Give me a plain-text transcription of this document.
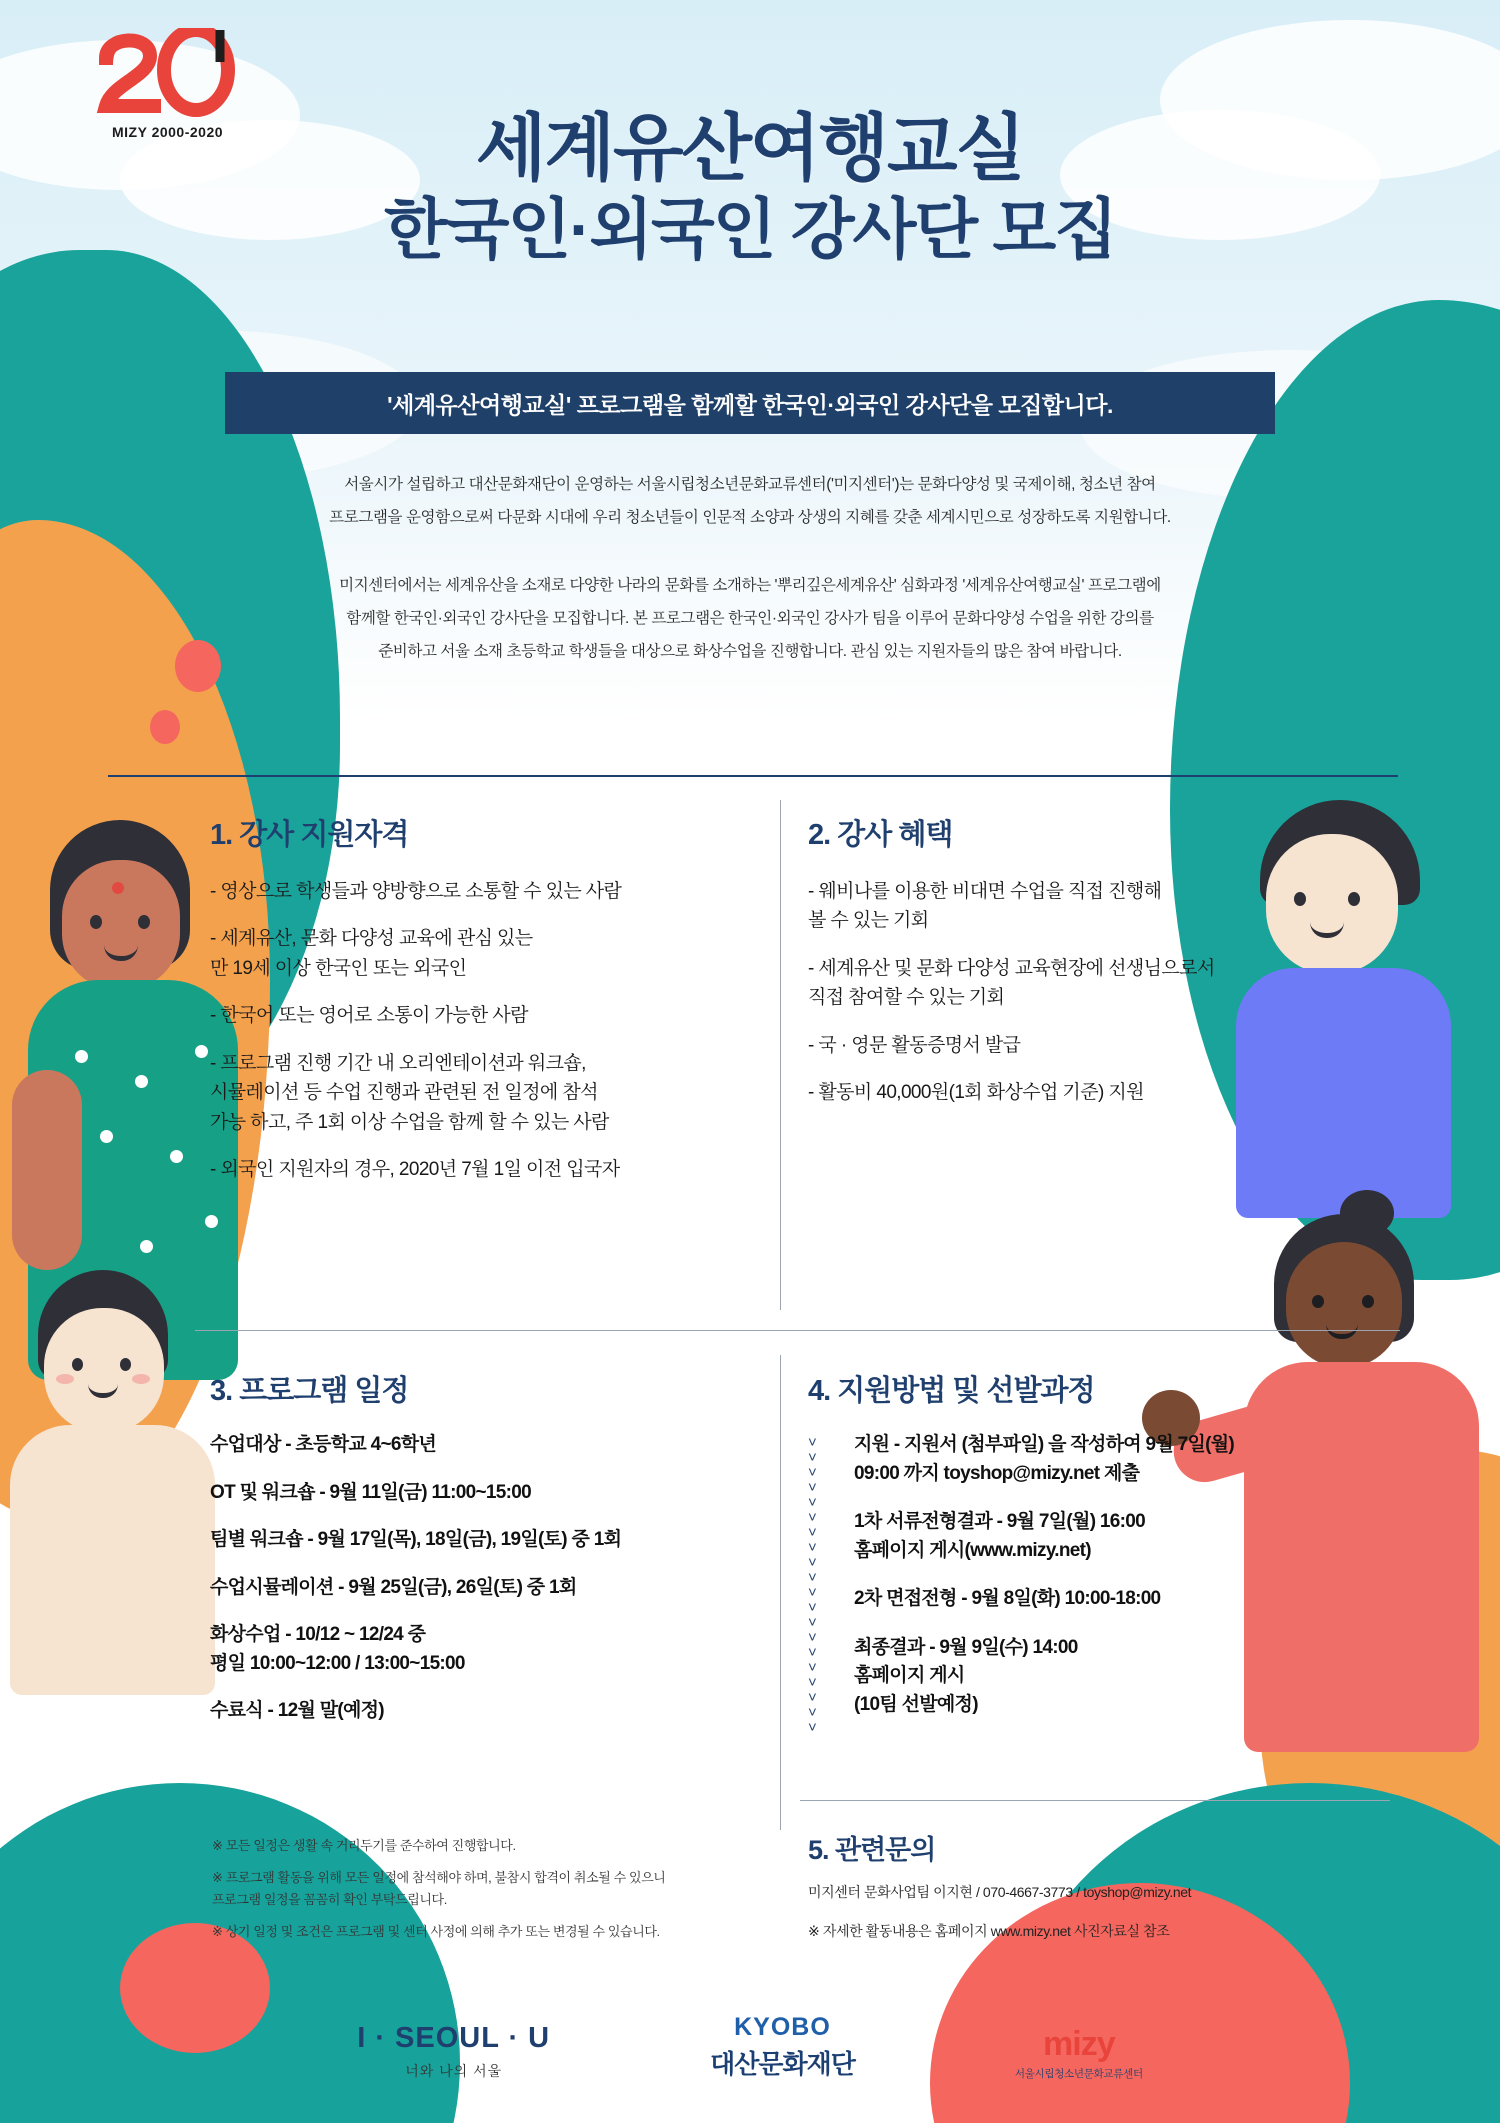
MIZY 2000-2020	세계유산여행교실
한국인·외국인 강사단 모집
'세계유산여행교실' 프로그램을 함께할 한국인·외국인 강사단을 모집합니다.

서울시가 설립하고 대산문화재단이 운영하는 서울시립청소년문화교류센터('미지센터')는 문화다양성 및 국제이해, 청소년 참여

프로그램을 운영함으로써 다문화 시대에 우리 청소년들이 인문적 소양과 상생의 지혜를 갖춘 세계시민으로 성장하도록 지원합니다.

미지센터에서는 세계유산을 소재로 다양한 나라의 문화를 소개하는 '뿌리깊은세계유산' 심화과정 '세계유산여행교실' 프로그램에

함께할 한국인·외국인 강사단을 모집합니다. 본 프로그램은 한국인·외국인 강사가 팀을 이루어 문화다양성 수업을 위한 강의를

준비하고 서울 소재 초등학교 학생들을 대상으로 화상수업을 진행합니다. 관심 있는 지원자들의 많은 참여 바랍니다.

1. 강사 지원자격
- 영상으로 학생들과 양방향으로 소통할 수 있는 사람
- 세계유산, 문화 다양성 교육에 관심 있는
만 19세 이상 한국인 또는 외국인
- 한국어 또는 영어로 소통이 가능한 사람
- 프로그램 진행 기간 내 오리엔테이션과 워크숍,
시뮬레이션 등 수업 진행과 관련된 전 일정에 참석
가능 하고, 주 1회 이상 수업을 함께 할 수 있는 사람
- 외국인 지원자의 경우, 2020년 7월 1일 이전 입국자
2. 강사 혜택
- 웨비나를 이용한 비대면 수업을 직접 진행해
볼 수 있는 기회
- 세계유산 및 문화 다양성 교육현장에 선생님으로서
직접 참여할 수 있는 기회
- 국 · 영문 활동증명서 발급
- 활동비 40,000원(1회 화상수업 기준) 지원
3. 프로그램 일정
수업대상 - 초등학교 4~6학년
OT 및 워크숍 - 9월 11일(금) 11:00~15:00
팀별 워크숍 - 9월 17일(목), 18일(금), 19일(토) 중 1회
수업시뮬레이션 - 9월 25일(금), 26일(토) 중 1회
화상수업 - 10/12 ~ 12/24 중
평일 10:00~12:00 / 13:00~15:00
수료식 - 12월 말(예정)

※ 모든 일정은 생활 속 거리두기를 준수하여 진행합니다.

※ 프로그램 활동을 위해 모든 일정에 참석해야 하며, 불참시 합격이 취소될 수 있으니
프로그램 일정을 꼼꼼히 확인 부탁드립니다.

※ 상기 일정 및 조건은 프로그램 및 센터 사정에 의해 추가 또는 변경될 수 있습니다.

4. 지원방법 및 선발과정
˅
˅
˅
˅
˅
˅
˅
˅
˅
˅
˅
˅
˅
˅
˅
˅
˅
˅
˅
˅
지원 - 지원서 (첨부파일) 을 작성하여 9월 7일(월)
09:00 까지 toyshop@mizy.net 제출
1차 서류전형결과 - 9월 7일(월) 16:00
홈페이지 게시(www.mizy.net)
2차 면접전형 - 9월 8일(화) 10:00-18:00
최종결과 - 9월 9일(수) 14:00
홈페이지 게시
(10팀 선발예정)
5. 관련문의

미지센터 문화사업팀 이지현 / 070-4667-3773 / toyshop@mizy.net

※ 자세한 활동내용은 홈페이지 www.mizy.net 사진자료실 참조

I · SEOUL · U
너와 나의 서울
KYOBO
대산문화재단
mizy
서울시립청소년문화교류센터
